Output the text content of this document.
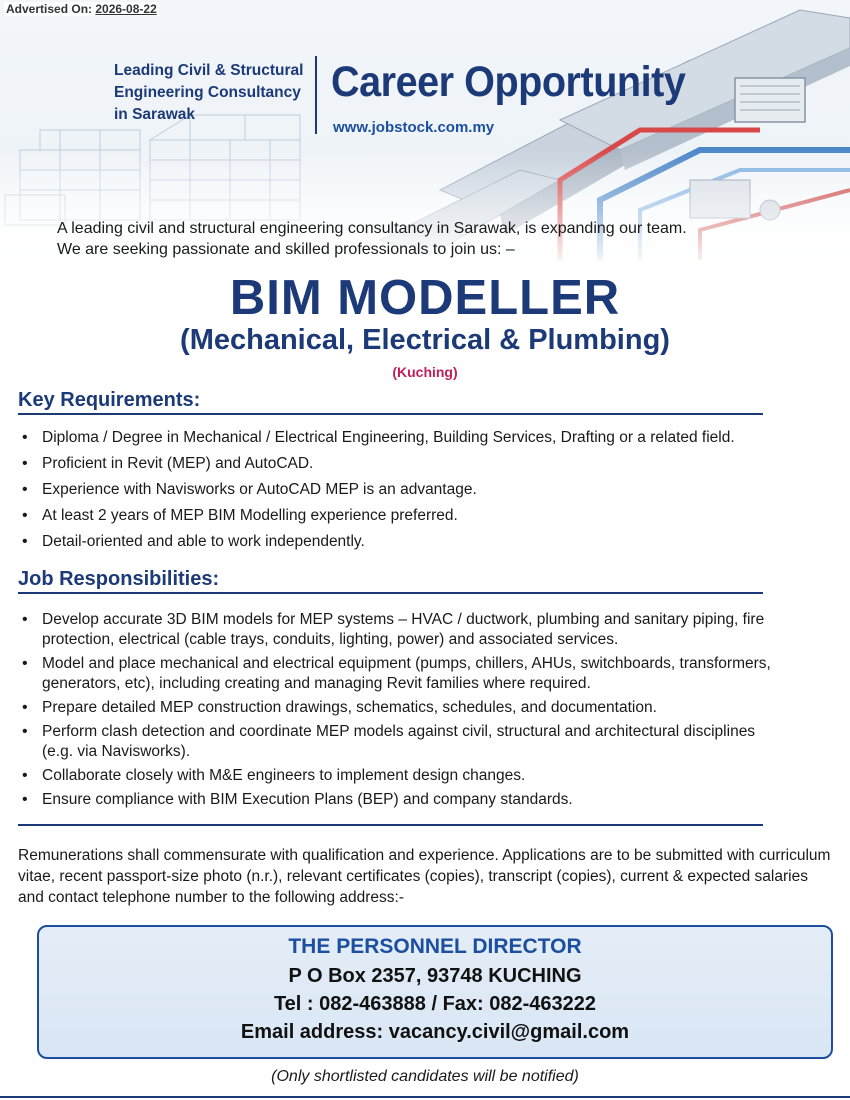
Advertised On: 2026-08-22
Leading Civil & Structural
Engineering Consultancy
in Sarawak
Career Opportunity
www.jobstock.com.my
A leading civil and structural engineering consultancy in Sarawak, is expanding our team.
We are seeking passionate and skilled professionals to join us: –
BIM MODELLER
(Mechanical, Electrical & Plumbing)
(Kuching)
Key Requirements:
• Diploma / Degree in Mechanical / Electrical Engineering, Building Services, Drafting or a related field.
• Proficient in Revit (MEP) and AutoCAD.
• Experience with Navisworks or AutoCAD MEP is an advantage.
• At least 2 years of MEP BIM Modelling experience preferred.
• Detail-oriented and able to work independently.
Job Responsibilities:
• Develop accurate 3D BIM models for MEP systems – HVAC / ductwork, plumbing and sanitary piping, fire protection, electrical (cable trays, conduits, lighting, power) and associated services.
• Model and place mechanical and electrical equipment (pumps, chillers, AHUs, switchboards, transformers, generators, etc), including creating and managing Revit families where required.
• Prepare detailed MEP construction drawings, schematics, schedules, and documentation.
• Perform clash detection and coordinate MEP models against civil, structural and architectural disciplines (e.g. via Navisworks).
• Collaborate closely with M&E engineers to implement design changes.
• Ensure compliance with BIM Execution Plans (BEP) and company standards.
Remunerations shall commensurate with qualification and experience. Applications are to be submitted with curriculum vitae, recent passport-size photo (n.r.), relevant certificates (copies), transcript (copies), current & expected salaries and contact telephone number to the following address:-
THE PERSONNEL DIRECTOR
P O Box 2357, 93748 KUCHING
Tel : 082-463888 / Fax: 082-463222
Email address: vacancy.civil@gmail.com
(Only shortlisted candidates will be notified)
